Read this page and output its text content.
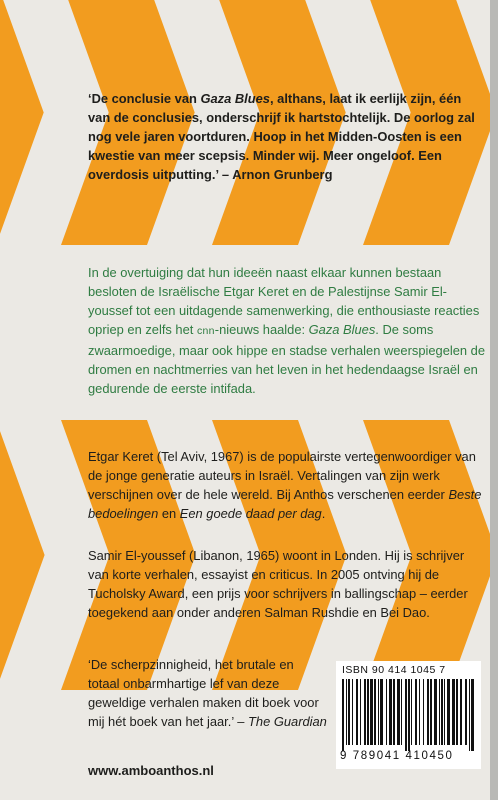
‘De conclusie van Gaza Blues, althans, laat ik eerlijk zijn, één van de conclusies, onderschrijf ik hartstochtelijk. De oorlog zal nog vele jaren voortduren. Hoop in het Midden-Oosten is een kwestie van meer scepsis. Minder wij. Meer ongeloof. Een overdosis uitputting.’ – Arnon Grunberg

In de overtuiging dat hun ideeën naast elkaar kunnen bestaan besloten de Israëlische Etgar Keret en de Palestijnse Samir El-youssef tot een uitdagende samenwerking, die enthousiaste reacties opriep en zelfs het cnn-nieuws haalde: Gaza Blues. De soms zwaarmoedige, maar ook hippe en stadse verhalen weerspiegelen de dromen en nachtmerries van het leven in het hedendaagse Israël en gedurende de eerste intifada.

Etgar Keret (Tel Aviv, 1967) is de populairste vertegenwoordiger van de jonge generatie auteurs in Israël. Vertalingen van zijn werk verschijnen over de hele wereld. Bij Anthos verschenen eerder Beste bedoelingen en Een goede daad per dag.

Samir El-youssef (Libanon, 1965) woont in Londen. Hij is schrijver van korte verhalen, essayist en criticus. In 2005 ontving hij de Tucholsky Award, een prijs voor schrijvers in ballingschap – eerder toegekend aan onder anderen Salman Rushdie en Bei Dao.

‘De scherpzinnigheid, het brutale en totaal onbarmhartige lef van deze geweldige verhalen maken dit boek voor mij hét boek van het jaar.’ – The Guardian

www.amboanthos.nl
ISBN 90 414 1045 7
9 789041 410450
